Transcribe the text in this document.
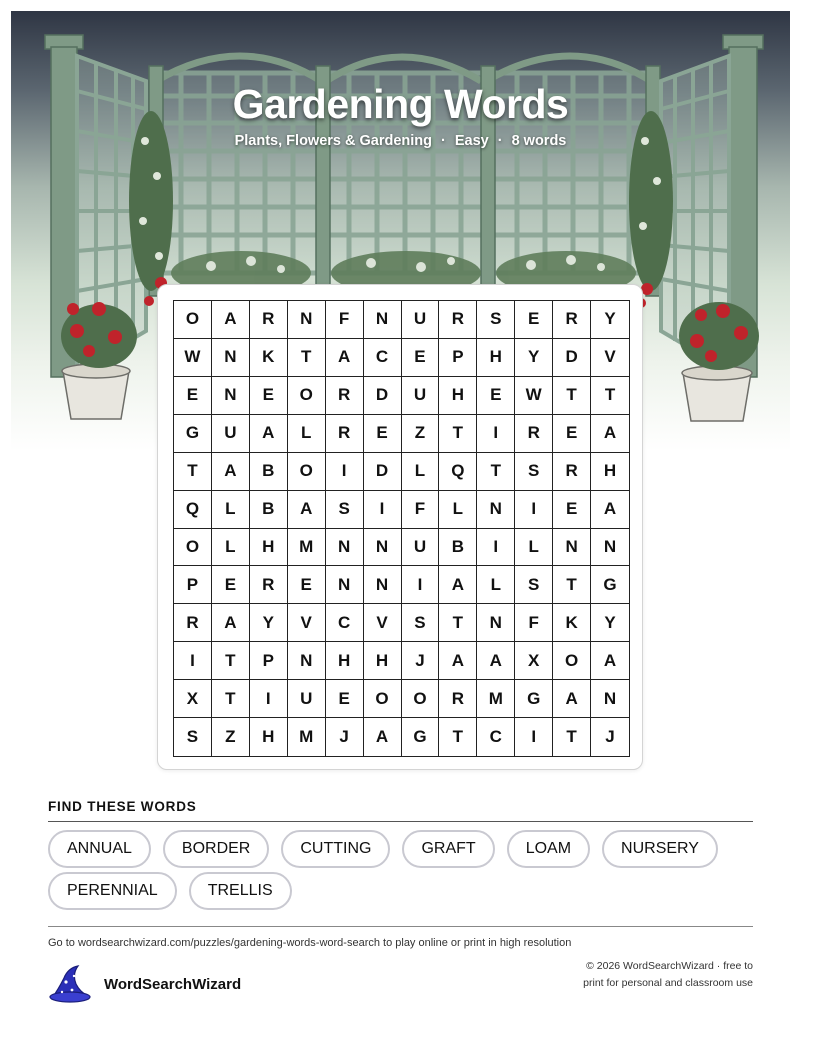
Gardening Words
Plants, Flowers & Gardening · Easy · 8 words
O	A	R	N	F	N	U	R	S	E	R	Y
W	N	K	T	A	C	E	P	H	Y	D	V
E	N	E	O	R	D	U	H	E	W	T	T
G	U	A	L	R	E	Z	T	I	R	E	A
T	A	B	O	I	D	L	Q	T	S	R	H
Q	L	B	A	S	I	F	L	N	I	E	A
O	L	H	M	N	N	U	B	I	L	N	N
P	E	R	E	N	N	I	A	L	S	T	G
R	A	Y	V	C	V	S	T	N	F	K	Y
I	T	P	N	H	H	J	A	A	X	O	A
X	T	I	U	E	O	O	R	M	G	A	N
S	Z	H	M	J	A	G	T	C	I	T	J
FIND THESE WORDS
ANNUAL	BORDER	CUTTING	GRAFT	LOAM	NURSERY
PERENNIAL	TRELLIS
Go to wordsearchwizard.com/puzzles/gardening-words-word-search to play online or print in high resolution
WordSearchWizard
© 2026 WordSearchWizard · free to print for personal and classroom use
